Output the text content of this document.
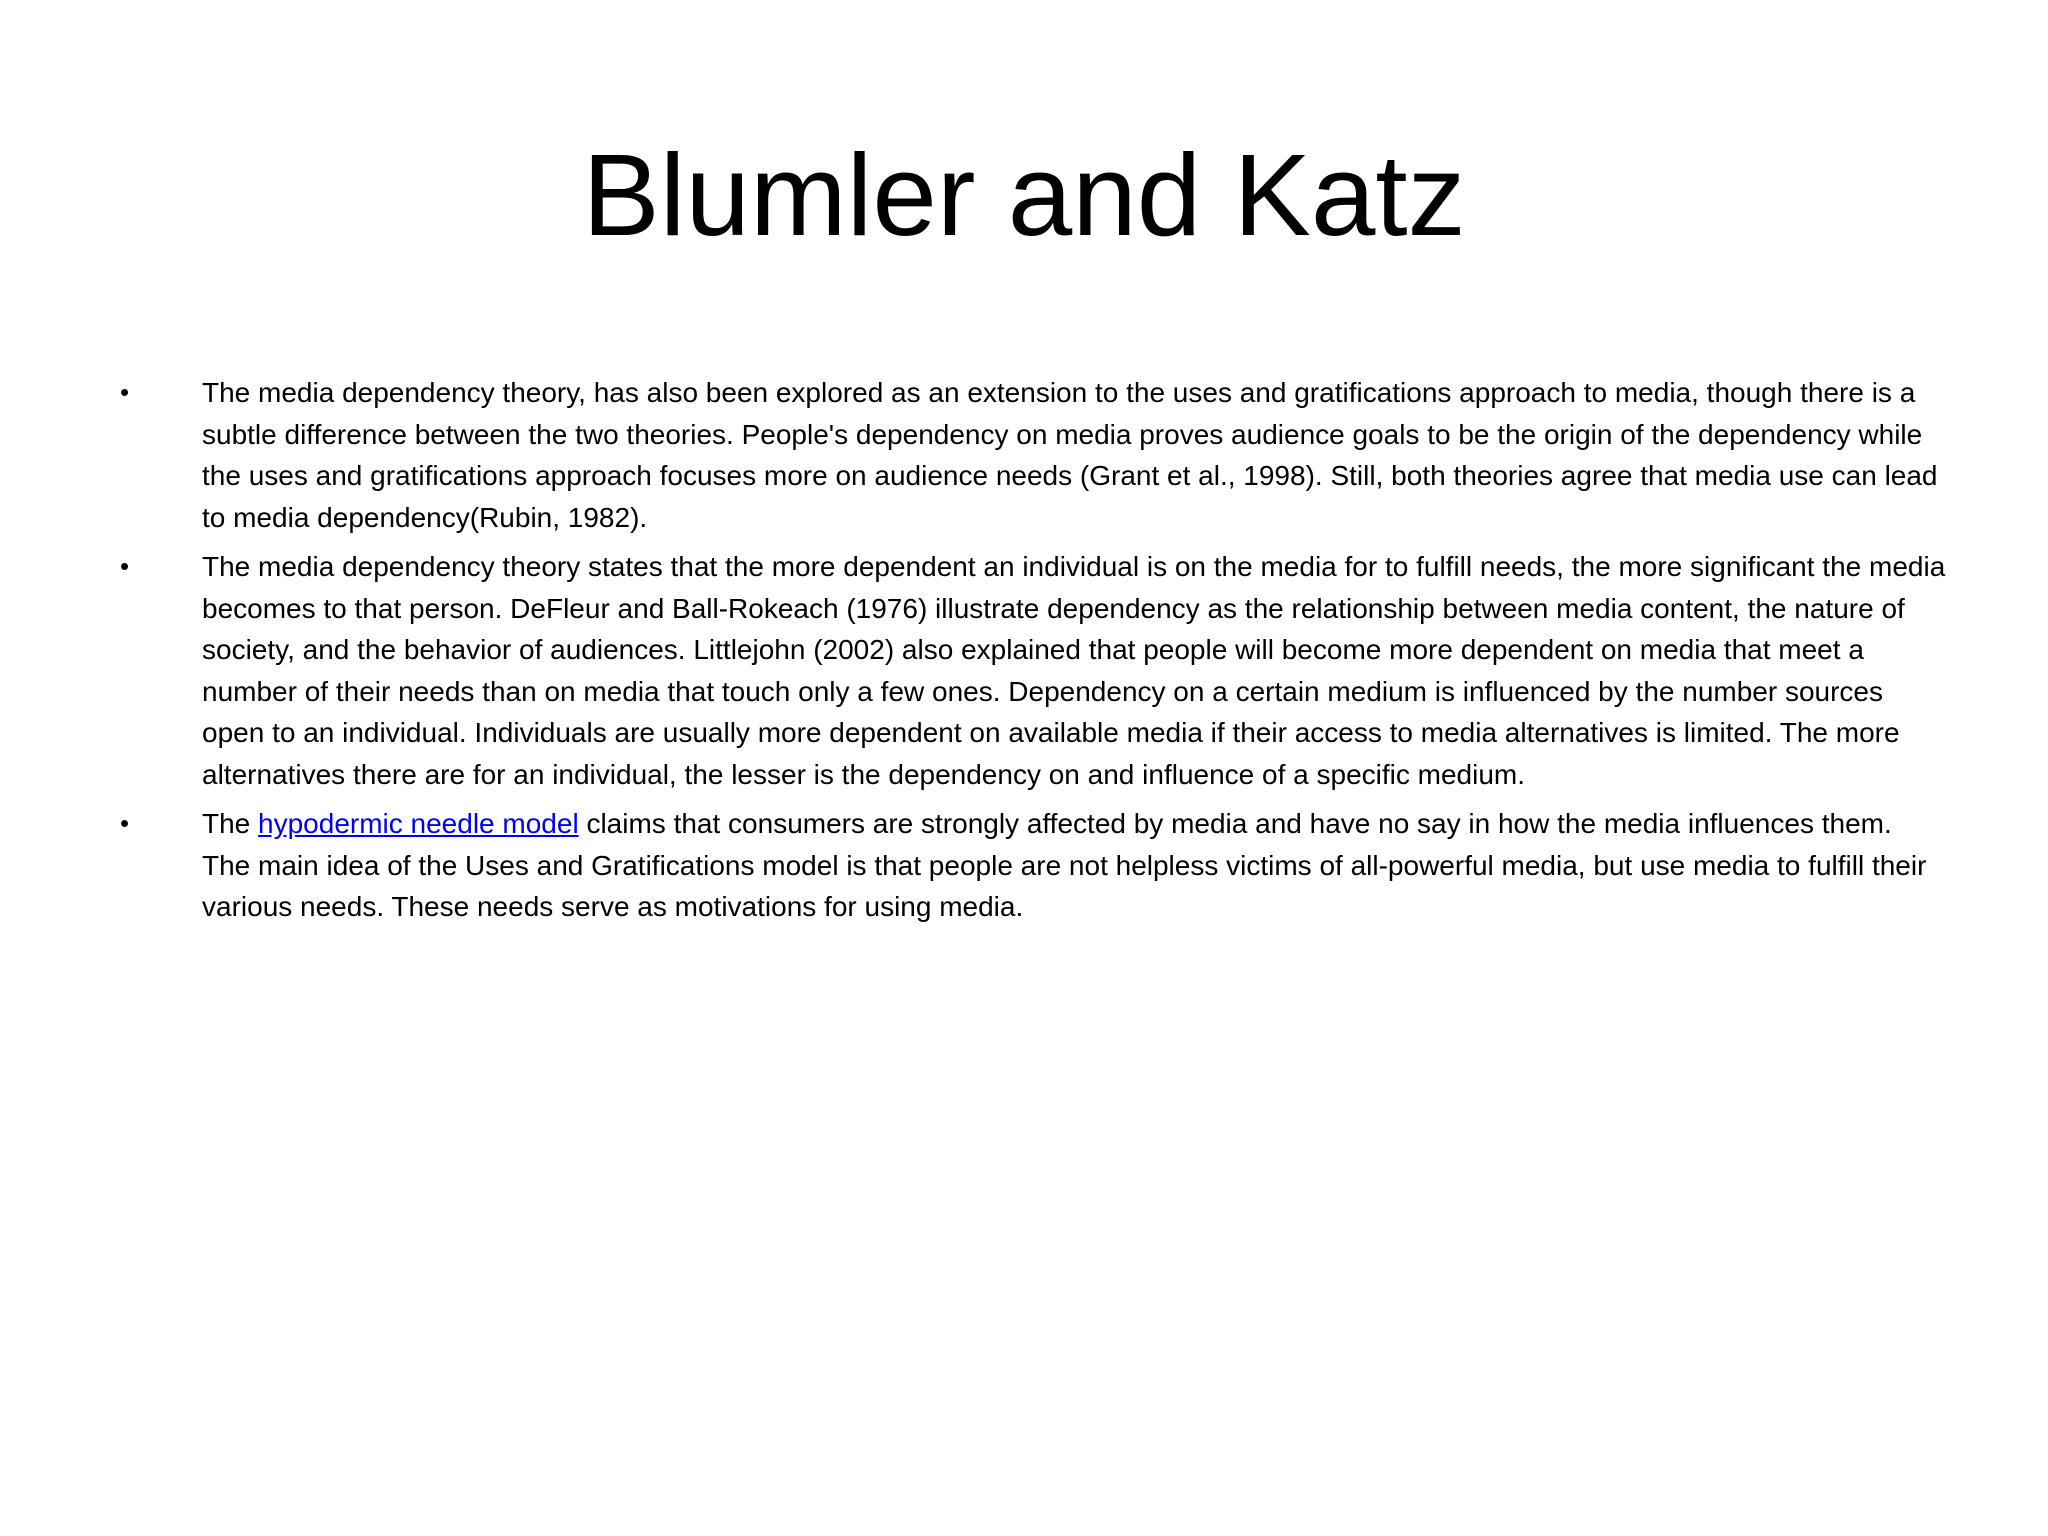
Blumler and Katz
•	The media dependency theory, has also been explored as an extension to the uses and gratifications approach to media, though there is a subtle difference between the two theories. People's dependency on media proves audience goals to be the origin of the dependency while the uses and gratifications approach focuses more on audience needs (Grant et al., 1998). Still, both theories agree that media use can lead to media dependency(Rubin, 1982).
•	The media dependency theory states that the more dependent an individual is on the media for to fulfill needs, the more significant the media becomes to that person. DeFleur and Ball-Rokeach (1976) illustrate dependency as the relationship between media content, the nature of society, and the behavior of audiences. Littlejohn (2002) also explained that people will become more dependent on media that meet a number of their needs than on media that touch only a few ones. Dependency on a certain medium is influenced by the number sources open to an individual. Individuals are usually more dependent on available media if their access to media alternatives is limited. The more alternatives there are for an individual, the lesser is the dependency on and influence of a specific medium.
•	The hypodermic needle model claims that consumers are strongly affected by media and have no say in how the media influences them. The main idea of the Uses and Gratifications model is that people are not helpless victims of all-powerful media, but use media to fulfill their various needs. These needs serve as motivations for using media.
